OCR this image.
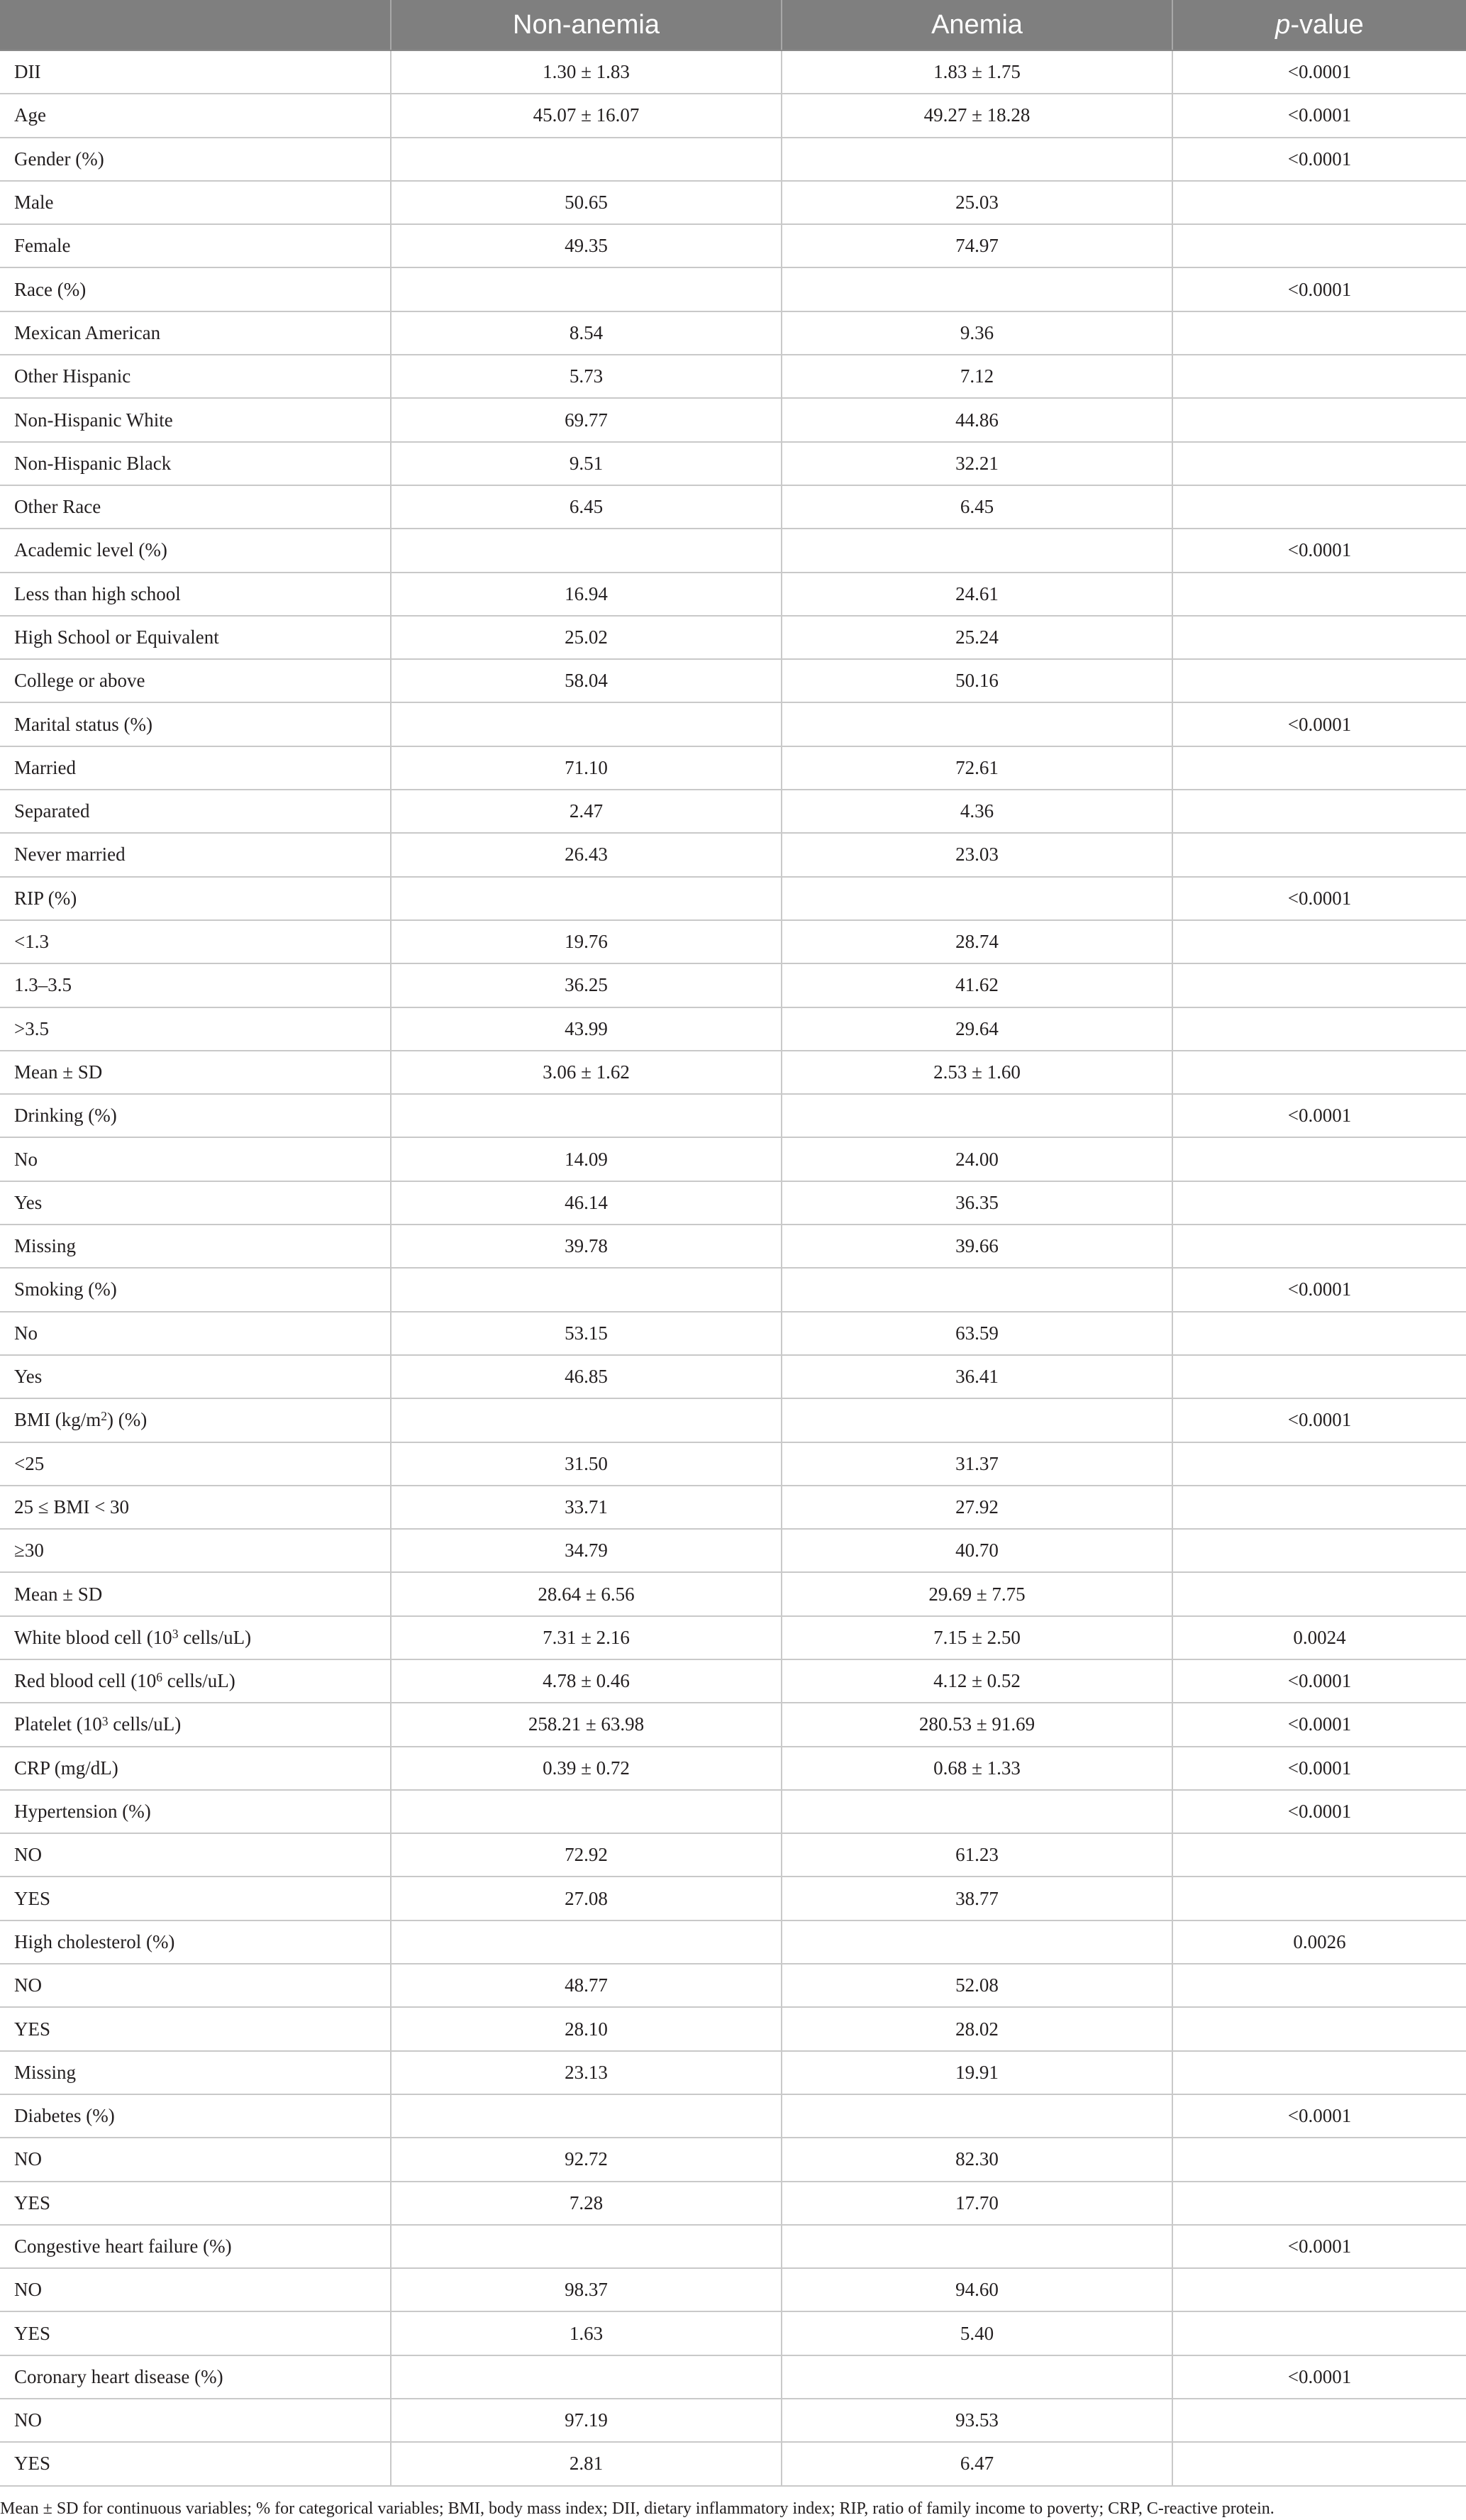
	Non-anemia	Anemia	p-value
DII	1.30 ± 1.83	1.83 ± 1.75	<0.0001
Age	45.07 ± 16.07	49.27 ± 18.28	<0.0001
Gender (%)			<0.0001
Male	50.65	25.03	
Female	49.35	74.97	
Race (%)			<0.0001
Mexican American	8.54	9.36	
Other Hispanic	5.73	7.12	
Non-Hispanic White	69.77	44.86	
Non-Hispanic Black	9.51	32.21	
Other Race	6.45	6.45	
Academic level (%)			<0.0001
Less than high school	16.94	24.61	
High School or Equivalent	25.02	25.24	
College or above	58.04	50.16	
Marital status (%)			<0.0001
Married	71.10	72.61	
Separated	2.47	4.36	
Never married	26.43	23.03	
RIP (%)			<0.0001
<1.3	19.76	28.74	
1.3–3.5	36.25	41.62	
>3.5	43.99	29.64	
Mean ± SD	3.06 ± 1.62	2.53 ± 1.60	
Drinking (%)			<0.0001
No	14.09	24.00	
Yes	46.14	36.35	
Missing	39.78	39.66	
Smoking (%)			<0.0001
No	53.15	63.59	
Yes	46.85	36.41	
BMI $(kg/m^2)$ (%)			<0.0001
<25	31.50	31.37	
25 ≤ BMI < 30	33.71	27.92	
≥30	34.79	40.70	
Mean ± SD	28.64 ± 6.56	29.69 ± 7.75	
White blood cell ($10^3$ cells/uL)	7.31 ± 2.16	7.15 ± 2.50	0.0024
Red blood cell ($10^6$ cells/uL)	4.78 ± 0.46	4.12 ± 0.52	<0.0001
Platelet ($10^3$ cells/uL)	258.21 ± 63.98	280.53 ± 91.69	<0.0001
CRP (mg/dL)	0.39 ± 0.72	0.68 ± 1.33	<0.0001
Hypertension (%)			<0.0001
NO	72.92	61.23	
YES	27.08	38.77	
High cholesterol (%)			0.0026
NO	48.77	52.08	
YES	28.10	28.02	
Missing	23.13	19.91	
Diabetes (%)			<0.0001
NO	92.72	82.30	
YES	7.28	17.70	
Congestive heart failure (%)			<0.0001
NO	98.37	94.60	
YES	1.63	5.40	
Coronary heart disease (%)			<0.0001
NO	97.19	93.53	
YES	2.81	6.47	
Mean ± SD for continuous variables; % for categorical variables; BMI, body mass index; DII, dietary inflammatory index; RIP, ratio of family income to poverty; CRP, C-reactive protein.
